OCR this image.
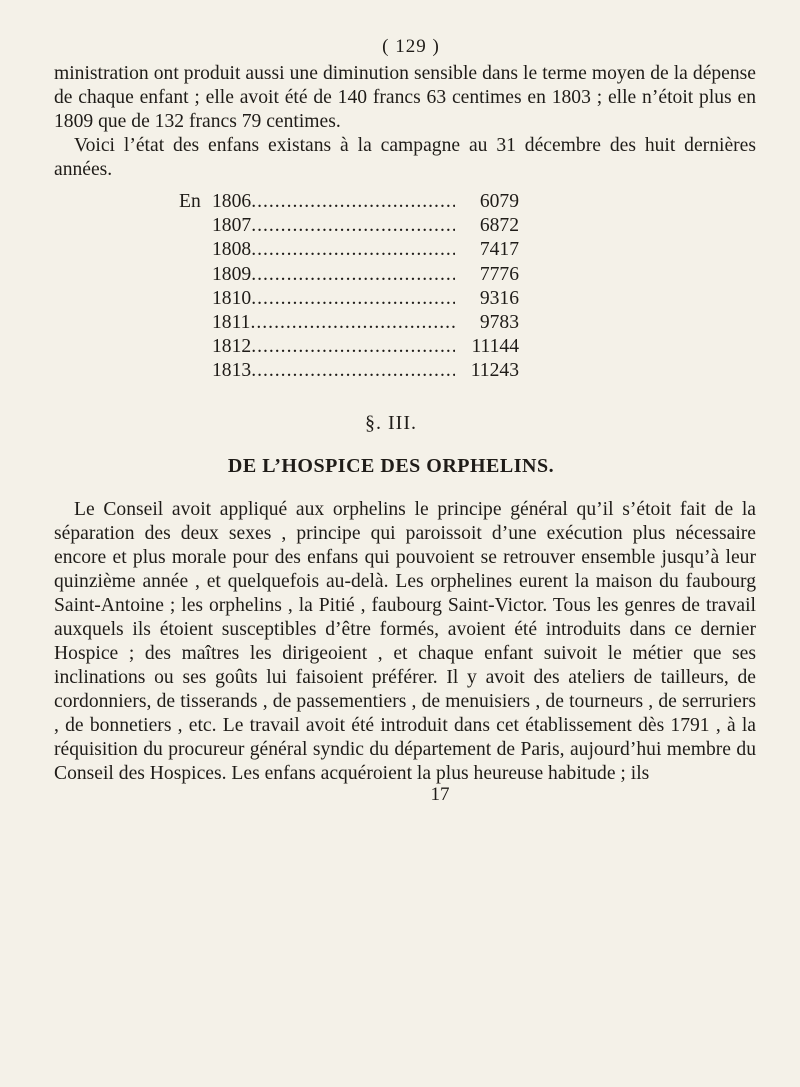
( 129 )

ministration ont produit aussi une diminution sensible dans le terme moyen de la dépense de chaque enfant ; elle avoit été de 140 francs 63 centimes en 1803 ; elle n’étoit plus en 1809 que de 132 francs 79 centimes.

Voici l’état des enfans existans à la campagne au 31 décembre des huit dernières années.

En 1806 .....	6079
1807 .....	6872
1808 .....	7417
1809 .....	7776
1810 .....	9316
1811 .....	9783
1812 .....	11144
1813 .....	11243
§. III.
DE L’HOSPICE DES ORPHELINS.

Le Conseil avoit appliqué aux orphelins le principe général qu’il s’étoit fait de la séparation des deux sexes , principe qui paroissoit d’une exécution plus nécessaire encore et plus morale pour des enfans qui pouvoient se retrouver ensemble jusqu’à leur quinzième année , et quelquefois au-delà. Les orphelines eurent la maison du faubourg Saint-Antoine ; les orphelins , la Pitié , faubourg Saint-Victor. Tous les genres de travail auxquels ils étoient susceptibles d’être formés, avoient été introduits dans ce dernier Hospice ; des maîtres les dirigeoient , et chaque enfant suivoit le métier que ses inclinations ou ses goûts lui faisoient préférer. Il y avoit des ateliers de tailleurs, de cordonniers, de tisserands , de passementiers , de menuisiers , de tourneurs , de serruriers , de bonnetiers , etc. Le travail avoit été introduit dans cet établissement dès 1791 , à la réquisition du procureur général syndic du département de Paris, aujourd’hui membre du Conseil des Hospices. Les enfans acquéroient la plus heureuse habitude ; ils

17
